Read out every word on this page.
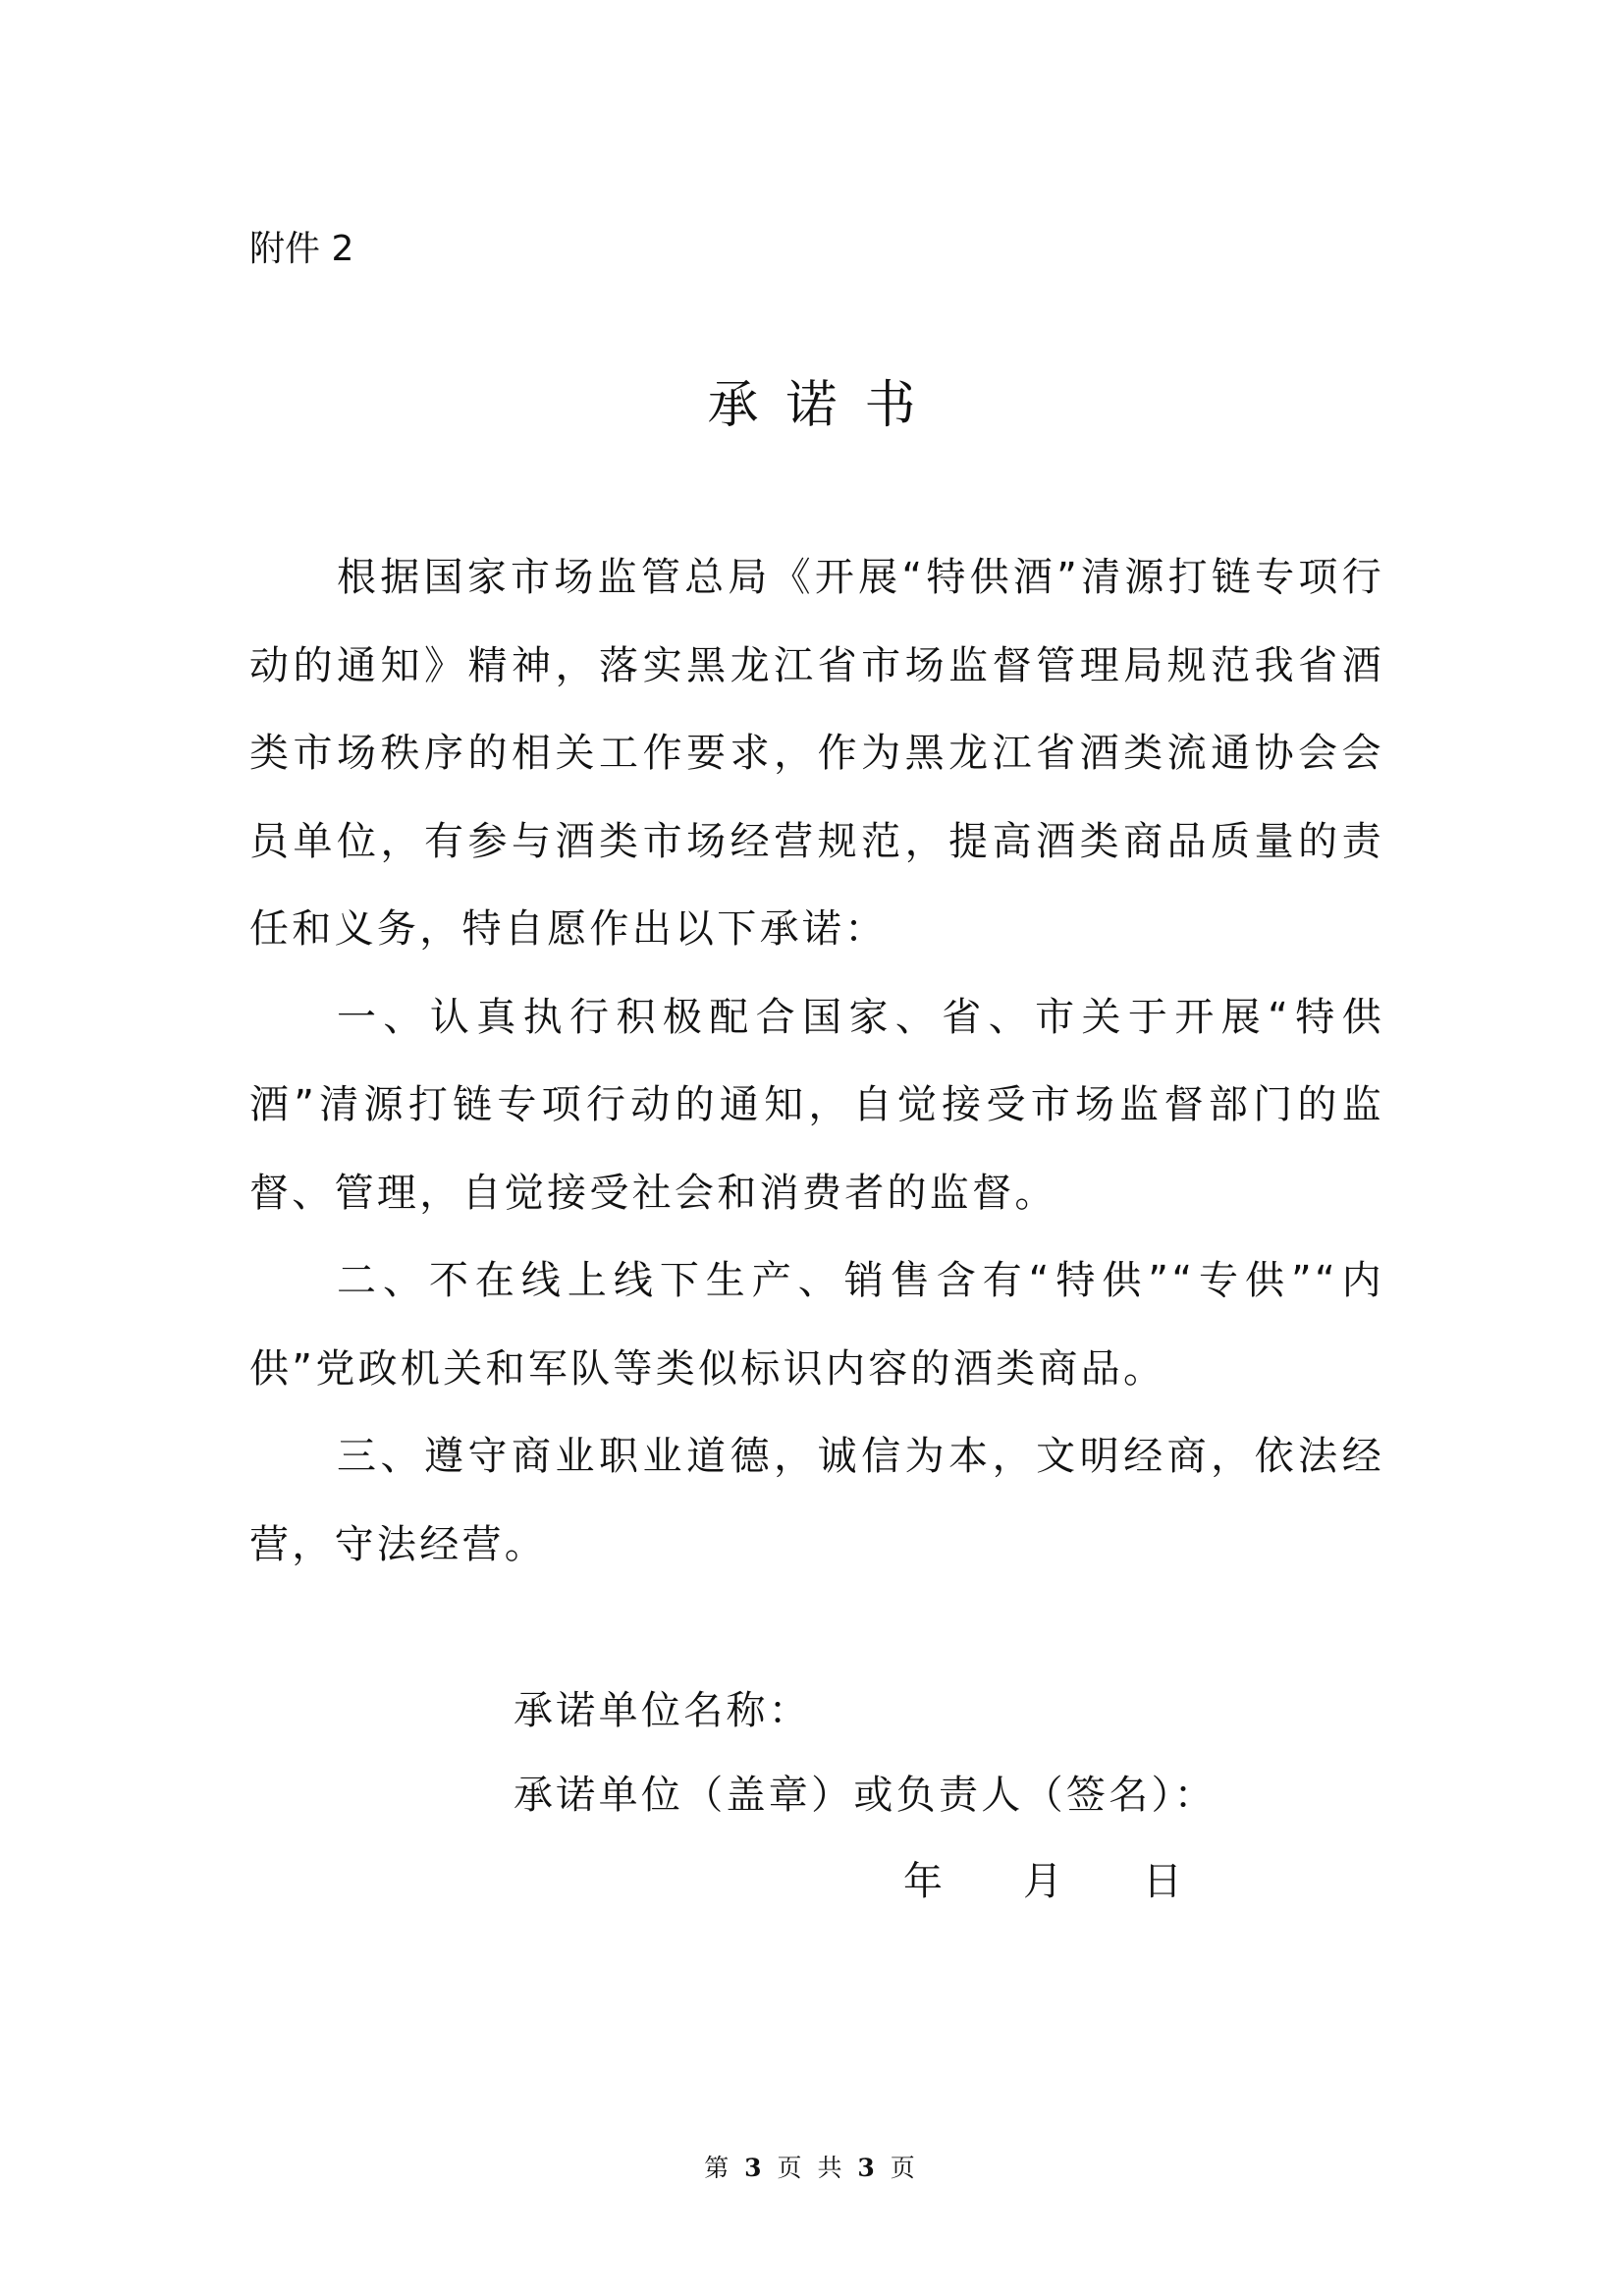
附件 2
承诺书

根据国家市场监管总局《开展“特供酒”清源打链专项行动的通知》精神，落实黑龙江省市场监督管理局规范我省酒类市场秩序的相关工作要求，作为黑龙江省酒类流通协会会员单位，有参与酒类市场经营规范，提高酒类商品质量的责任和义务，特自愿作出以下承诺：

一、认真执行积极配合国家、省、市关于开展“特供酒”清源打链专项行动的通知，自觉接受市场监督部门的监督、管理，自觉接受社会和消费者的监督。

二、不在线上线下生产、销售含有“特供”“专供”“内供”党政机关和军队等类似标识内容的酒类商品。

三、遵守商业职业道德，诚信为本，文明经商，依法经营，守法经营。

承诺单位名称：
承诺单位（盖章）或负责人（签名）：
年 月 日
第 3 页 共 3 页
